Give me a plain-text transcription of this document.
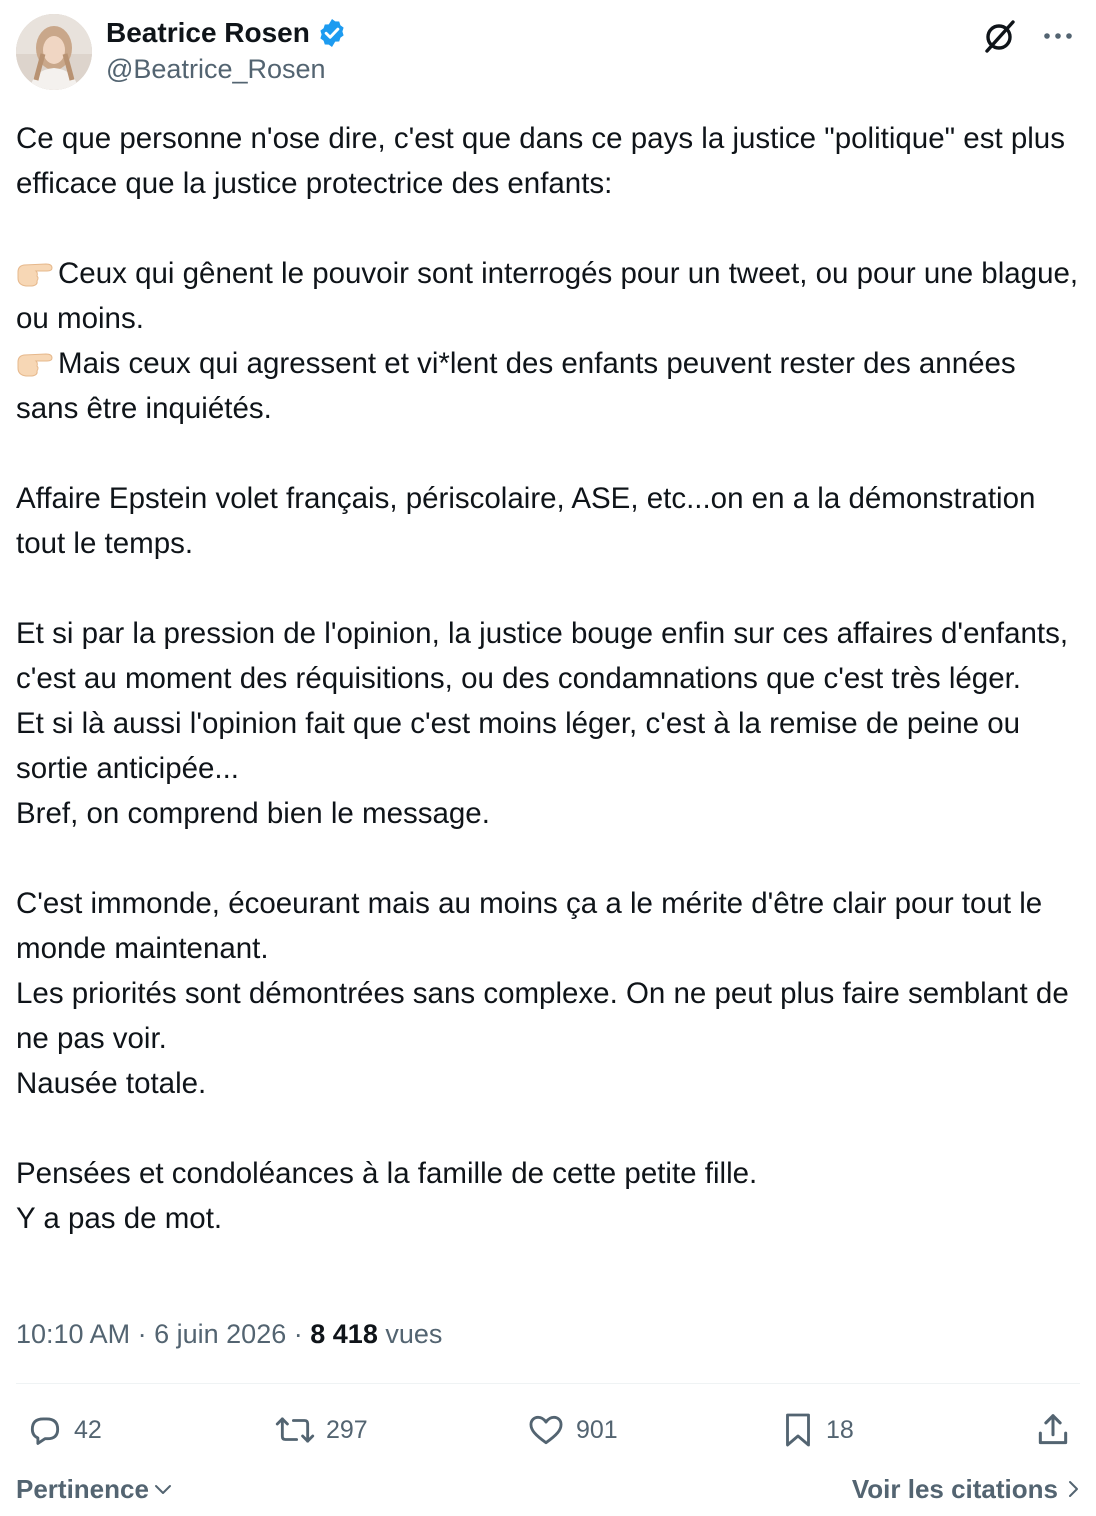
Beatrice Rosen
@Beatrice_Rosen
Ce que personne n'ose dire, c'est que dans ce pays la justice "politique" est plus efficace que la justice protectrice des enfants:

Ceux qui gênent le pouvoir sont interrogés pour un tweet, ou pour une blague, ou moins.
Mais ceux qui agressent et vi*lent des enfants peuvent rester des années sans être inquiétés.

Affaire Epstein volet français, périscolaire, ASE, etc...on en a la démonstration tout le temps.

Et si par la pression de l'opinion, la justice bouge enfin sur ces affaires d'enfants, c'est au moment des réquisitions, ou des condamnations que c'est très léger.
Et si là aussi l'opinion fait que c'est moins léger, c'est à la remise de peine ou sortie anticipée...
Bref, on comprend bien le message.

C'est immonde, écoeurant mais au moins ça a le mérite d'être clair pour tout le monde maintenant.
Les priorités sont démontrées sans complexe. On ne peut plus faire semblant de ne pas voir.
Nausée totale.

Pensées et condoléances à la famille de cette petite fille.
Y a pas de mot.
10:10 AM · 6 juin 2026 · 8 418 vues
42	297	901	18
Pertinence	Voir les citations
